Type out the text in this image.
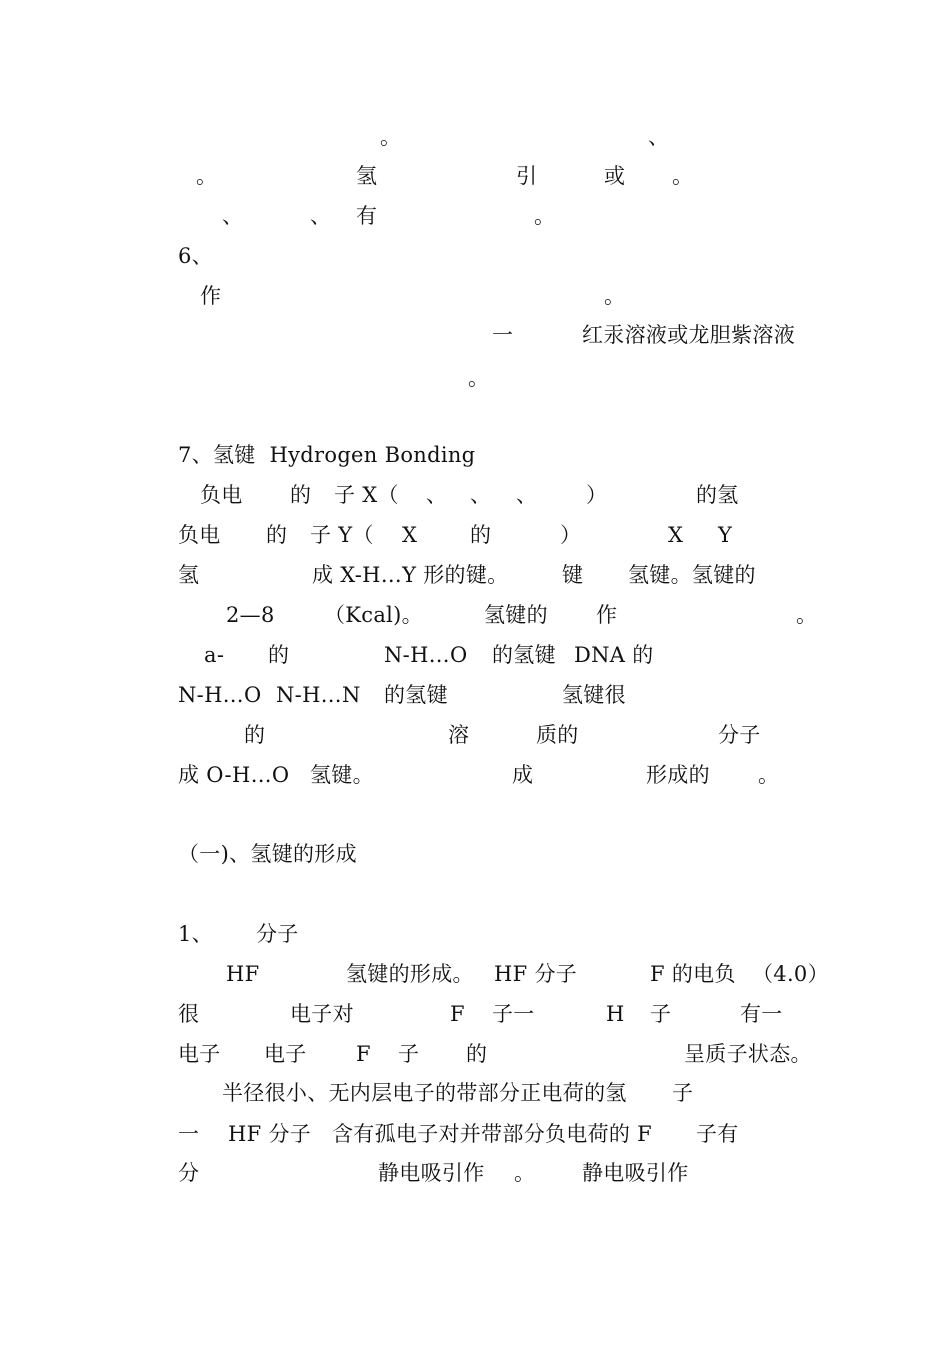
。	、
。	氢	引	或 。
、	、 有	。
6、
作	。
一	红汞溶液或龙胆紫溶液
。
7、氢键  Hydrogen Bonding
负电 的 子 X（ 、 、 、 ）	的氢
负电 的 子 Y（ X	的	）	X Y
氢	成 X-H…Y 形的键。	键 氢键。氢键的
2—8 （Kcal)。	氢键的 作	。
a- 的	N-H…O 的氢键 DNA 的
N-H…O N-H…N 的氢键	氢键很
的	溶	质的	分子
成 O-H…O 氢键。	成	形成的 。
（一)、氢键的形成
1、 分子
HF	氢键的形成。 HF 分子	F 的电负 （4.0）
很	电子对	F 子一	H 子	有一
电子 电子 F 子 的	呈质子状态。
半径很小、无内层电子的带部分正电荷的氢 子
一 HF 分子 含有孤电子对并带部分负电荷的 F 子有
分	静电吸引作 。 静电吸引作
